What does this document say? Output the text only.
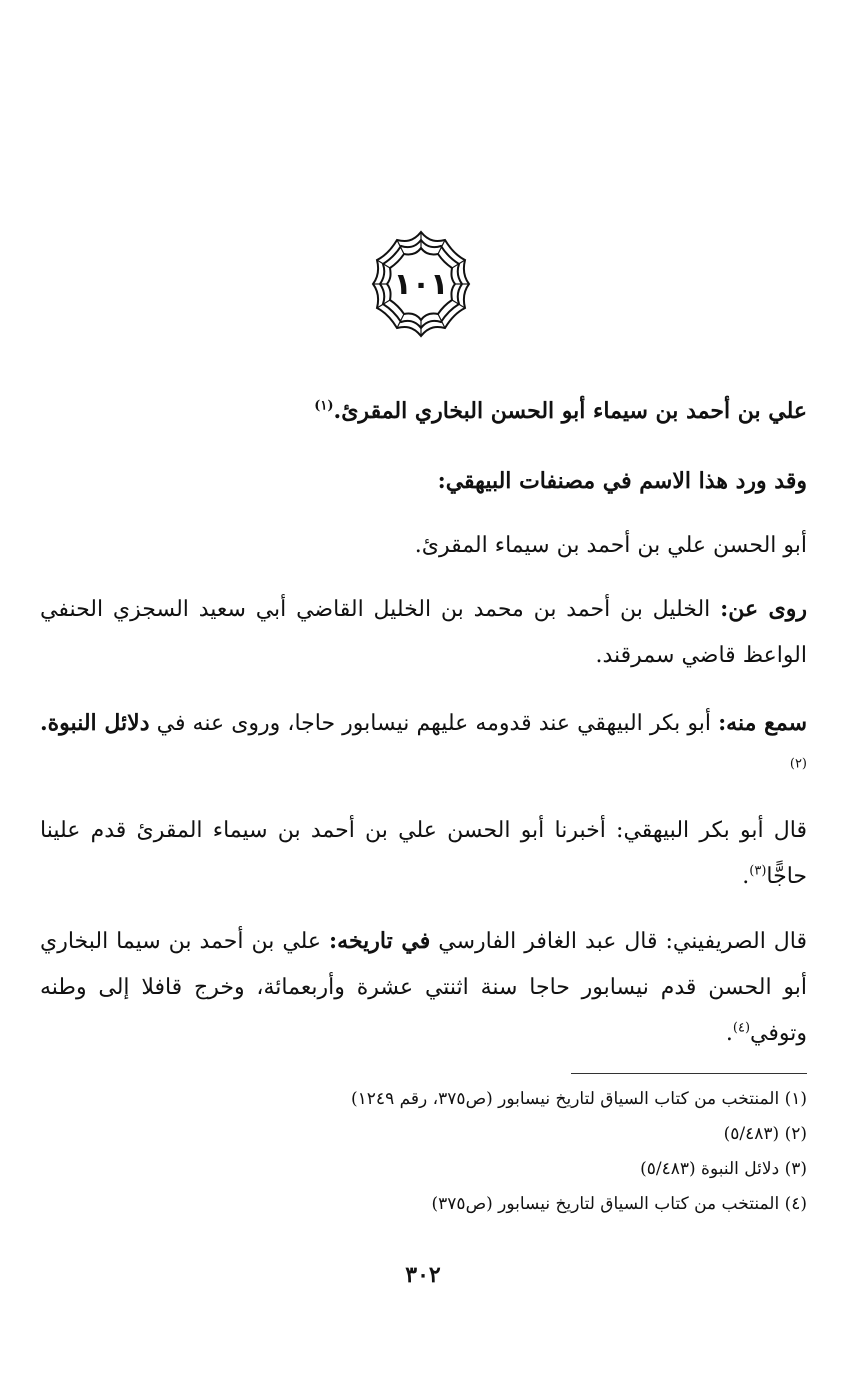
١٠١
علي بن أحمد بن سيماء أبو الحسن البخاري المقرئ.$^{(١)}$
وقد ورد هذا الاسم في مصنفات البيهقي:
أبو الحسن علي بن أحمد بن سيماء المقرئ.
روى عن: الخليل بن أحمد بن محمد بن الخليل القاضي أبي سعيد السجزي الحنفي الواعظ قاضي سمرقند.
سمع منه: أبو بكر البيهقي عند قدومه عليهم نيسابور حاجا، وروى عنه في دلائل النبوة.$^{(٢)}$
قال أبو بكر البيهقي: أخبرنا أبو الحسن علي بن أحمد بن سيماء المقرئ قدم علينا حاجًّا$^{(٣)}$.
قال الصريفيني: قال عبد الغافر الفارسي في تاريخه: علي بن أحمد بن سيما البخاري أبو الحسن قدم نيسابور حاجا سنة اثنتي عشرة وأربعمائة، وخرج قافلا إلى وطنه وتوفي$^{(٤)}$.
(١) المنتخب من كتاب السياق لتاريخ نيسابور (ص٣٧٥، رقم ١٢٤٩)
(٢) (٥/٤٨٣)
(٣) دلائل النبوة (٥/٤٨٣)
(٤) المنتخب من كتاب السياق لتاريخ نيسابور (ص٣٧٥)
٣٠٢
